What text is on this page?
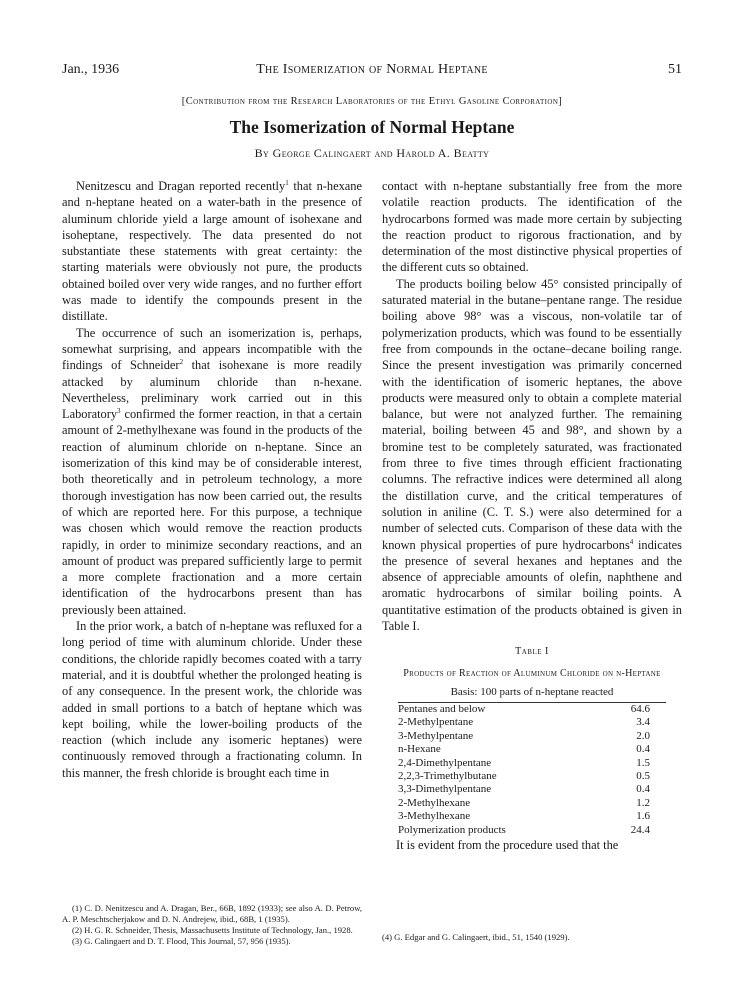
Jan., 1936	The Isomerization of Normal Heptane	51
[Contribution from the Research Laboratories of the Ethyl Gasoline Corporation]
The Isomerization of Normal Heptane
By George Calingaert and Harold A. Beatty

Nenitzescu and Dragan reported recently$^1$ that n-hexane and n-heptane heated on a water-bath in the presence of aluminum chloride yield a large amount of isohexane and isoheptane, respectively. The data presented do not substantiate these statements with great certainty: the starting materials were obviously not pure, the products obtained boiled over very wide ranges, and no further effort was made to identify the compounds present in the distillate.

The occurrence of such an isomerization is, perhaps, somewhat surprising, and appears incompatible with the findings of Schneider$^2$ that isohexane is more readily attacked by aluminum chloride than n-hexane. Nevertheless, preliminary work carried out in this Laboratory$^3$ confirmed the former reaction, in that a certain amount of 2-methylhexane was found in the products of the reaction of aluminum chloride on n-heptane. Since an isomerization of this kind may be of considerable interest, both theoretically and in petroleum technology, a more thorough investigation has now been carried out, the results of which are reported here. For this purpose, a technique was chosen which would remove the reaction products rapidly, in order to minimize secondary reactions, and an amount of product was prepared sufficiently large to permit a more complete fractionation and a more certain identification of the hydrocarbons present than has previously been attained.

In the prior work, a batch of n-heptane was refluxed for a long period of time with aluminum chloride. Under these conditions, the chloride rapidly becomes coated with a tarry material, and it is doubtful whether the prolonged heating is of any consequence. In the present work, the chloride was added in small portions to a batch of heptane which was kept boiling, while the lower-boiling products of the reaction (which include any isomeric heptanes) were continuously removed through a fractionating column. In this manner, the fresh chloride is brought each time in

(1) C. D. Nenitzescu and A. Dragan, Ber., 66B, 1892 (1933); see also A. D. Petrow, A. P. Meschtscherjakow and D. N. Andrejew, ibid., 68B, 1 (1935).
(2) H. G. R. Schneider, Thesis, Massachusetts Institute of Technology, Jan., 1928.
(3) G. Calingaert and D. T. Flood, This Journal, 57, 956 (1935).

contact with n-heptane substantially free from the more volatile reaction products. The identification of the hydrocarbons formed was made more certain by subjecting the reaction product to rigorous fractionation, and by determination of the most distinctive physical properties of the different cuts so obtained.

The products boiling below 45° consisted principally of saturated material in the butane–pentane range. The residue boiling above 98° was a viscous, non-volatile tar of polymerization products, which was found to be essentially free from compounds in the octane–decane boiling range. Since the present investigation was primarily concerned with the identification of isomeric heptanes, the above products were measured only to obtain a complete material balance, but were not analyzed further. The remaining material, boiling between 45 and 98°, and shown by a bromine test to be completely saturated, was fractionated from three to five times through efficient fractionating columns. The refractive indices were determined all along the distillation curve, and the critical temperatures of solution in aniline (C. T. S.) were also determined for a number of selected cuts. Comparison of these data with the known physical properties of pure hydrocarbons$^4$ indicates the presence of several hexanes and heptanes and the absence of appreciable amounts of olefin, naphthene and aromatic hydrocarbons of similar boiling points. A quantitative estimation of the products obtained is given in Table I.

Table I
Products of Reaction of Aluminum Chloride on n-Heptane
Basis: 100 parts of n-heptane reacted
Pentanes and below	64.6
2-Methylpentane	3.4
3-Methylpentane	2.0
n-Hexane	0.4
2,4-Dimethylpentane	1.5
2,2,3-Trimethylbutane	0.5
3,3-Dimethylpentane	0.4
2-Methylhexane	1.2
3-Methylhexane	1.6
Polymerization products	24.4

It is evident from the procedure used that the

(4) G. Edgar and G. Calingaert, ibid., 51, 1540 (1929).
